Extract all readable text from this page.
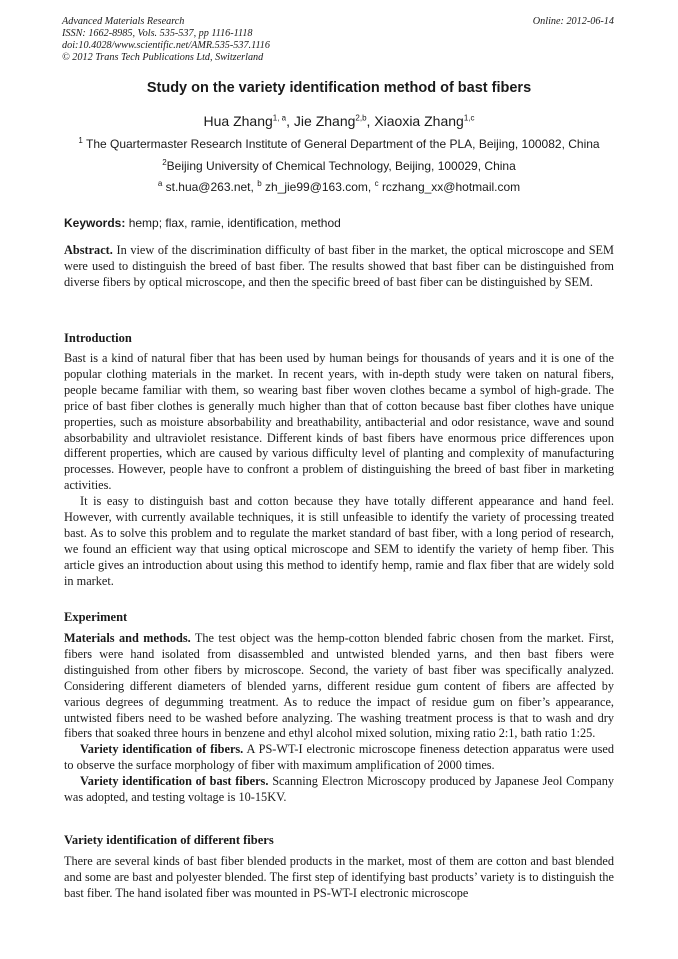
Advanced Materials Research
ISSN: 1662-8985, Vols. 535-537, pp 1116-1118
doi:10.4028/www.scientific.net/AMR.535-537.1116
© 2012 Trans Tech Publications Ltd, Switzerland
Online: 2012-06-14
Study on the variety identification method of bast fibers
Hua Zhang$^{1, a}$, Jie Zhang$^{2,b}$, Xiaoxia Zhang$^{1,c}$
$^1$ The Quartermaster Research Institute of General Department of the PLA, Beijing, 100082, China
$^2$Beijing University of Chemical Technology, Beijing, 100029, China
$^a$ st.hua@263.net, $^b$ zh_jie99@163.com, $^c$ rczhang_xx@hotmail.com
Keywords: hemp; flax, ramie, identification, method

Abstract. In view of the discrimination difficulty of bast fiber in the market, the optical microscope and SEM were used to distinguish the breed of bast fiber. The results showed that bast fiber can be distinguished from diverse fibers by optical microscope, and then the specific breed of bast fiber can be distinguished by SEM.

Introduction

Bast is a kind of natural fiber that has been used by human beings for thousands of years and it is one of the popular clothing materials in the market. In recent years, with in-depth study were taken on natural fibers, people became familiar with them, so wearing bast fiber woven clothes became a symbol of high-grade. The price of bast fiber clothes is generally much higher than that of cotton because bast fiber clothes have unique properties, such as moisture absorbability and breathability, antibacterial and odor resistance, wave and sound absorbability and ultraviolet resistance. Different kinds of bast fibers have enormous price differences upon different properties, which are caused by various difficulty level of planting and complexity of manufacturing processes. However, people have to confront a problem of distinguishing the breed of bast fiber in marketing activities.

It is easy to distinguish bast and cotton because they have totally different appearance and hand feel. However, with currently available techniques, it is still unfeasible to identify the variety of processing treated bast. As to solve this problem and to regulate the market standard of bast fiber, with a long period of research, we found an efficient way that using optical microscope and SEM to identify the variety of hemp fiber. This article gives an introduction about using this method to identify hemp, ramie and flax fiber that are widely sold in market.

Experiment

Materials and methods. The test object was the hemp-cotton blended fabric chosen from the market. First, fibers were hand isolated from disassembled and untwisted blended yarns, and then bast fibers were distinguished from other fibers by microscope. Second, the variety of bast fiber was specifically analyzed. Considering different diameters of blended yarns, different residue gum content of fibers are affected by various degrees of degumming treatment. As to reduce the impact of residue gum on fiber’s appearance, untwisted fibers need to be washed before analyzing. The washing treatment process is that to wash and dry fibers that soaked three hours in benzene and ethyl alcohol mixed solution, mixing ratio 2:1, bath ratio 1:25.

Variety identification of fibers. A PS-WT-I electronic microscope fineness detection apparatus were used to observe the surface morphology of fiber with maximum amplification of 2000 times.

Variety identification of bast fibers. Scanning Electron Microscopy produced by Japanese Jeol Company was adopted, and testing voltage is 10-15KV.

Variety identification of different fibers

There are several kinds of bast fiber blended products in the market, most of them are cotton and bast blended and some are bast and polyester blended. The first step of identifying bast products’ variety is to distinguish the bast fiber. The hand isolated fiber was mounted in PS-WT-I electronic microscope
